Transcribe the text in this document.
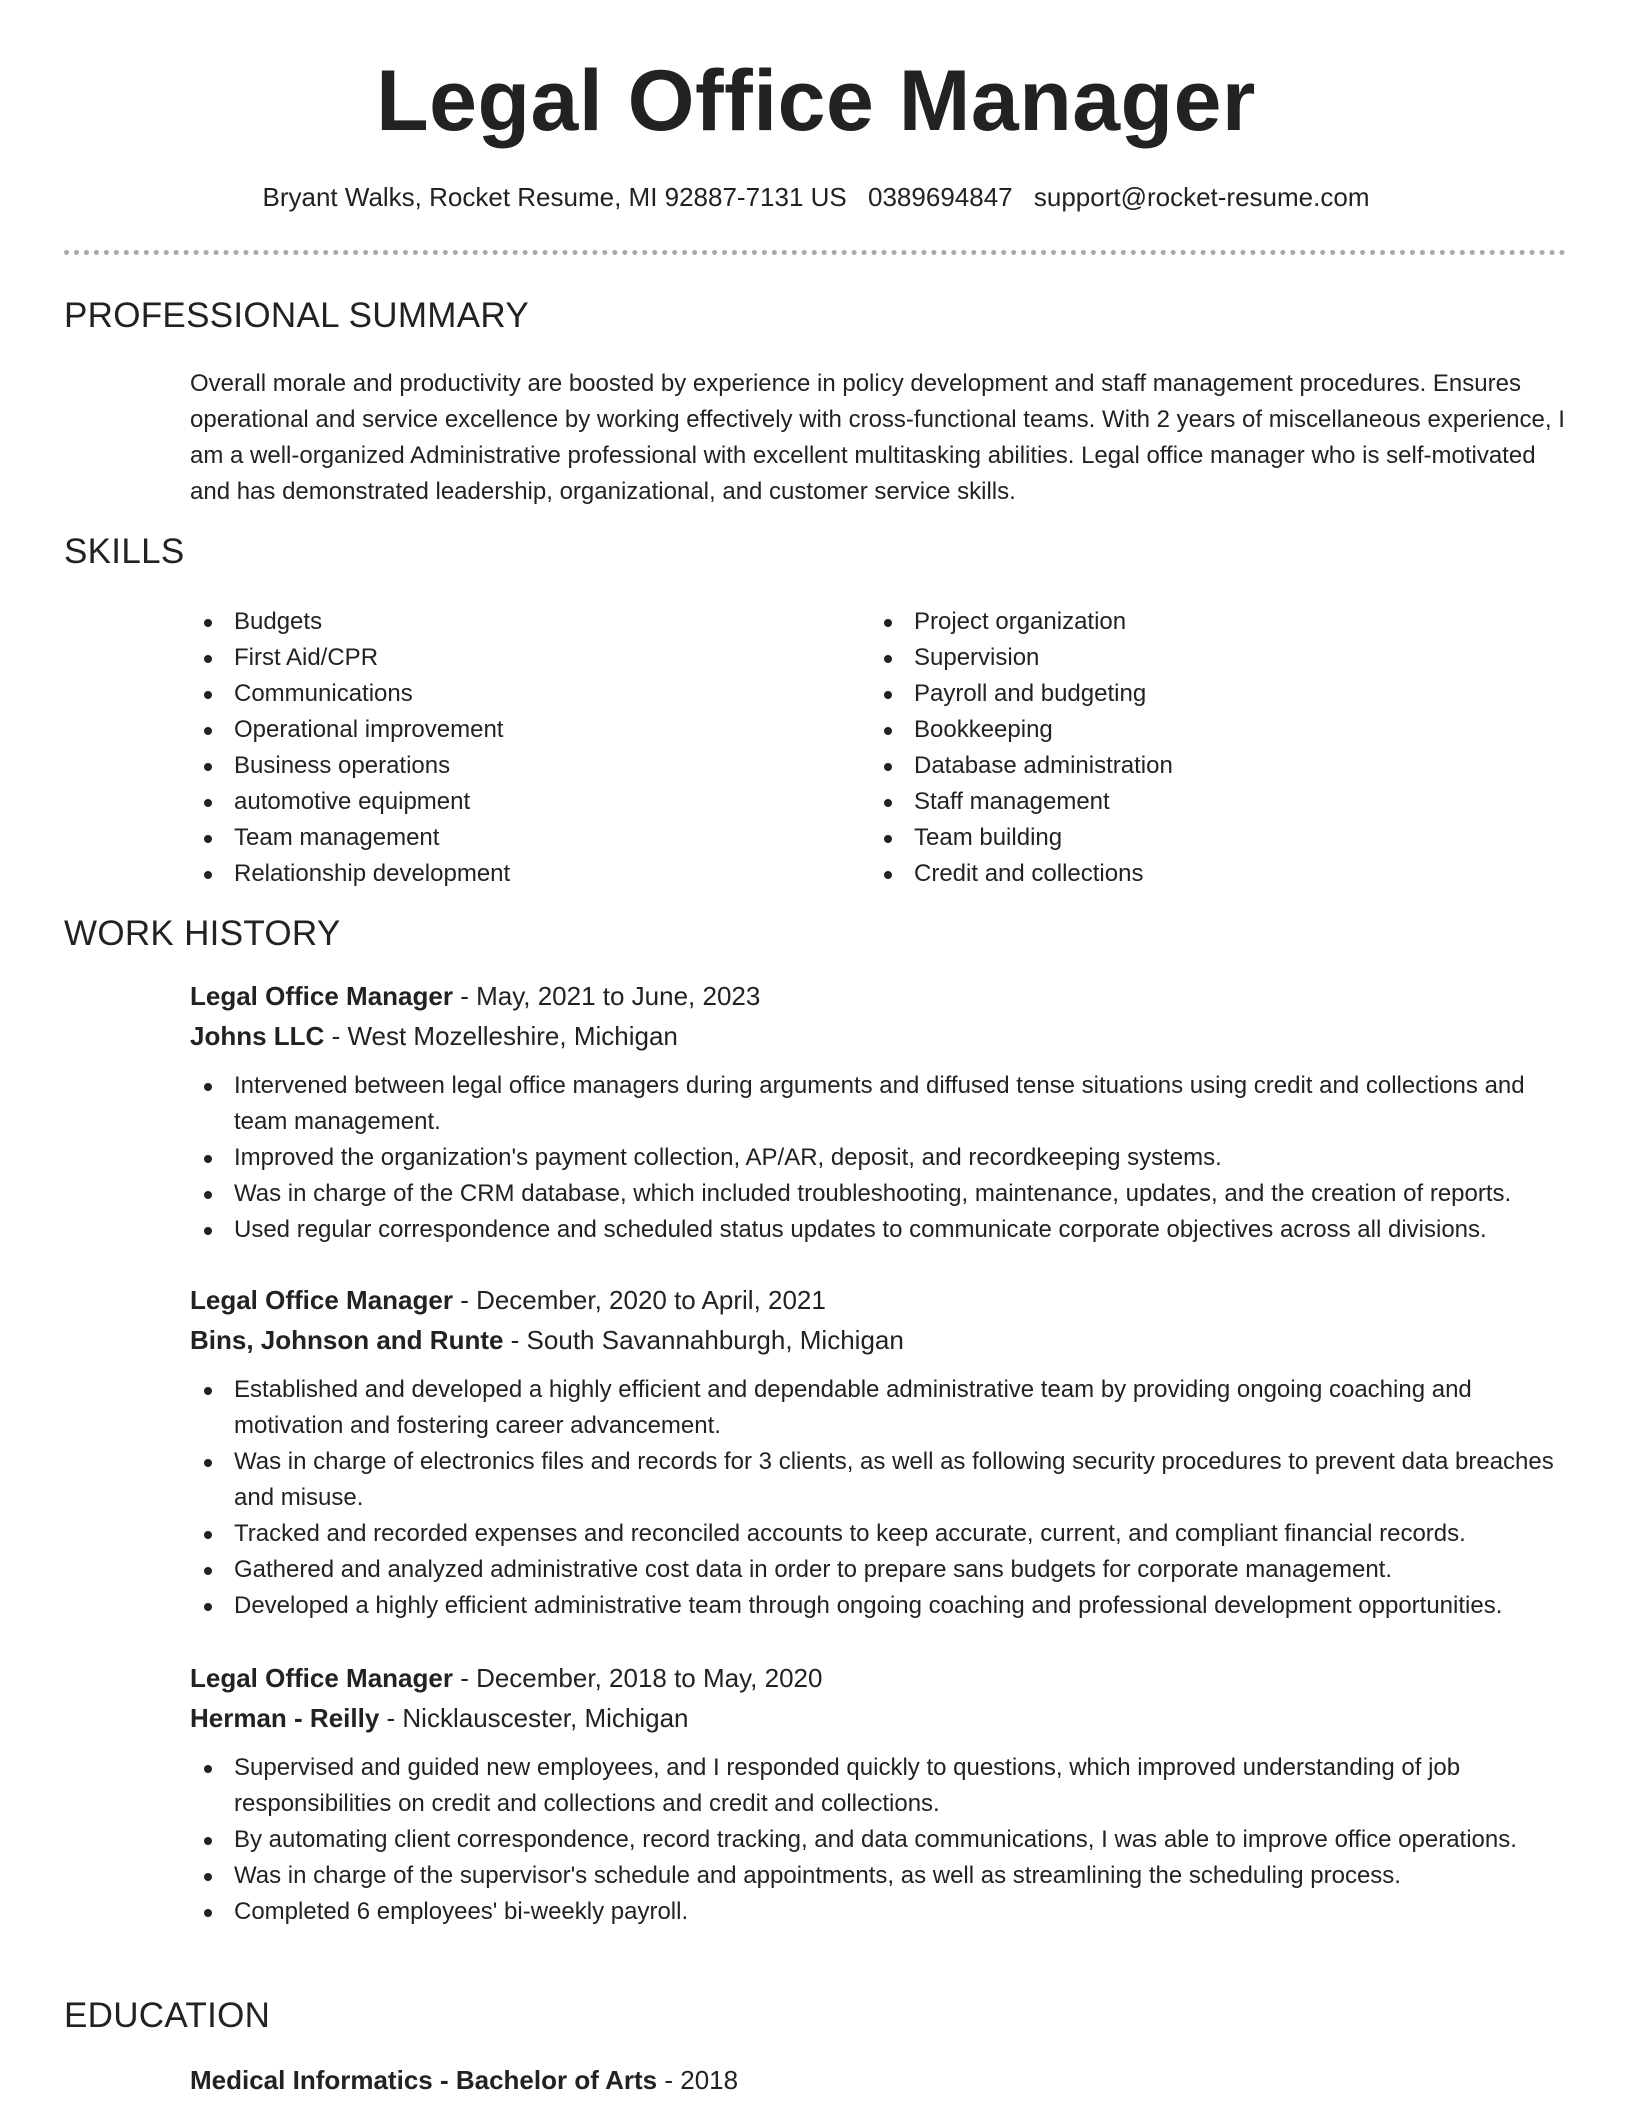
Legal Office Manager
Bryant Walks, Rocket Resume, MI 92887-7131 US 0389694847 support@rocket-resume.com
PROFESSIONAL SUMMARY

Overall morale and productivity are boosted by experience in policy development and staff management procedures. Ensures operational and service excellence by working effectively with cross-functional teams. With 2 years of miscellaneous experience, I am a well-organized Administrative professional with excellent multitasking abilities. Legal office manager who is self-motivated and has demonstrated leadership, organizational, and customer service skills.

SKILLS
Budgets
First Aid/CPR
Communications
Operational improvement
Business operations
automotive equipment
Team management
Relationship development
Project organization
Supervision
Payroll and budgeting
Bookkeeping
Database administration
Staff management
Team building
Credit and collections
WORK HISTORY
Legal Office Manager - May, 2021 to June, 2023
Johns LLC - West Mozelleshire, Michigan
Intervened between legal office managers during arguments and diffused tense situations using credit and collections and team management.
Improved the organization's payment collection, AP/AR, deposit, and recordkeeping systems.
Was in charge of the CRM database, which included troubleshooting, maintenance, updates, and the creation of reports.
Used regular correspondence and scheduled status updates to communicate corporate objectives across all divisions.
Legal Office Manager - December, 2020 to April, 2021
Bins, Johnson and Runte - South Savannahburgh, Michigan
Established and developed a highly efficient and dependable administrative team by providing ongoing coaching and motivation and fostering career advancement.
Was in charge of electronics files and records for 3 clients, as well as following security procedures to prevent data breaches and misuse.
Tracked and recorded expenses and reconciled accounts to keep accurate, current, and compliant financial records.
Gathered and analyzed administrative cost data in order to prepare sans budgets for corporate management.
Developed a highly efficient administrative team through ongoing coaching and professional development opportunities.
Legal Office Manager - December, 2018 to May, 2020
Herman - Reilly - Nicklauscester, Michigan
Supervised and guided new employees, and I responded quickly to questions, which improved understanding of job responsibilities on credit and collections and credit and collections.
By automating client correspondence, record tracking, and data communications, I was able to improve office operations.
Was in charge of the supervisor's schedule and appointments, as well as streamlining the scheduling process.
Completed 6 employees' bi-weekly payroll.
EDUCATION
Medical Informatics - Bachelor of Arts - 2018
